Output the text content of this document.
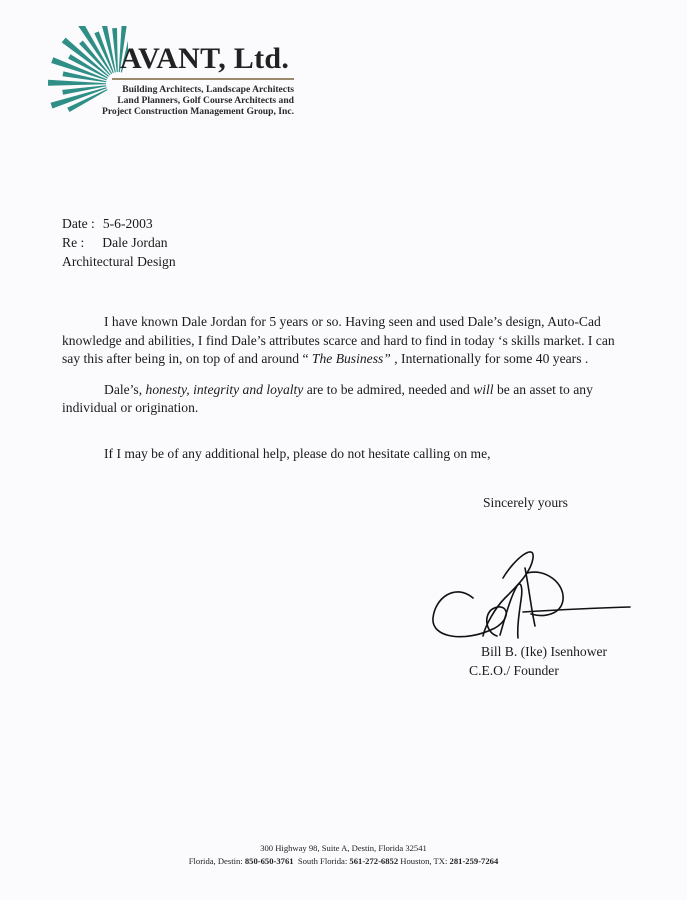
AVANT, Ltd.
Building Architects, Landscape Architects
Land Planners, Golf Course Architects and
Project Construction Management Group, Inc.
Date : 5-6-2003
Re : Dale Jordan
Architectural Design

I have known Dale Jordan for 5 years or so. Having seen and used Dale’s design, Auto-Cad knowledge and abilities, I find Dale’s attributes scarce and hard to find in today ‘s skills market. I can say this after being in, on top of and around “ The Business” , Internationally for some 40 years .

Dale’s, honesty, integrity and loyalty are to be admired, needed and will be an asset to any individual or origination.

If I may be of any additional help, please do not hesitate calling on me,

Sincerely yours
Bill B. (Ike) Isenhower
C.E.O./ Founder
300 Highway 98, Suite A, Destin, Florida 32541
Florida, Destin: 850-650-3761  South Florida: 561-272-6852 Houston, TX: 281-259-7264
